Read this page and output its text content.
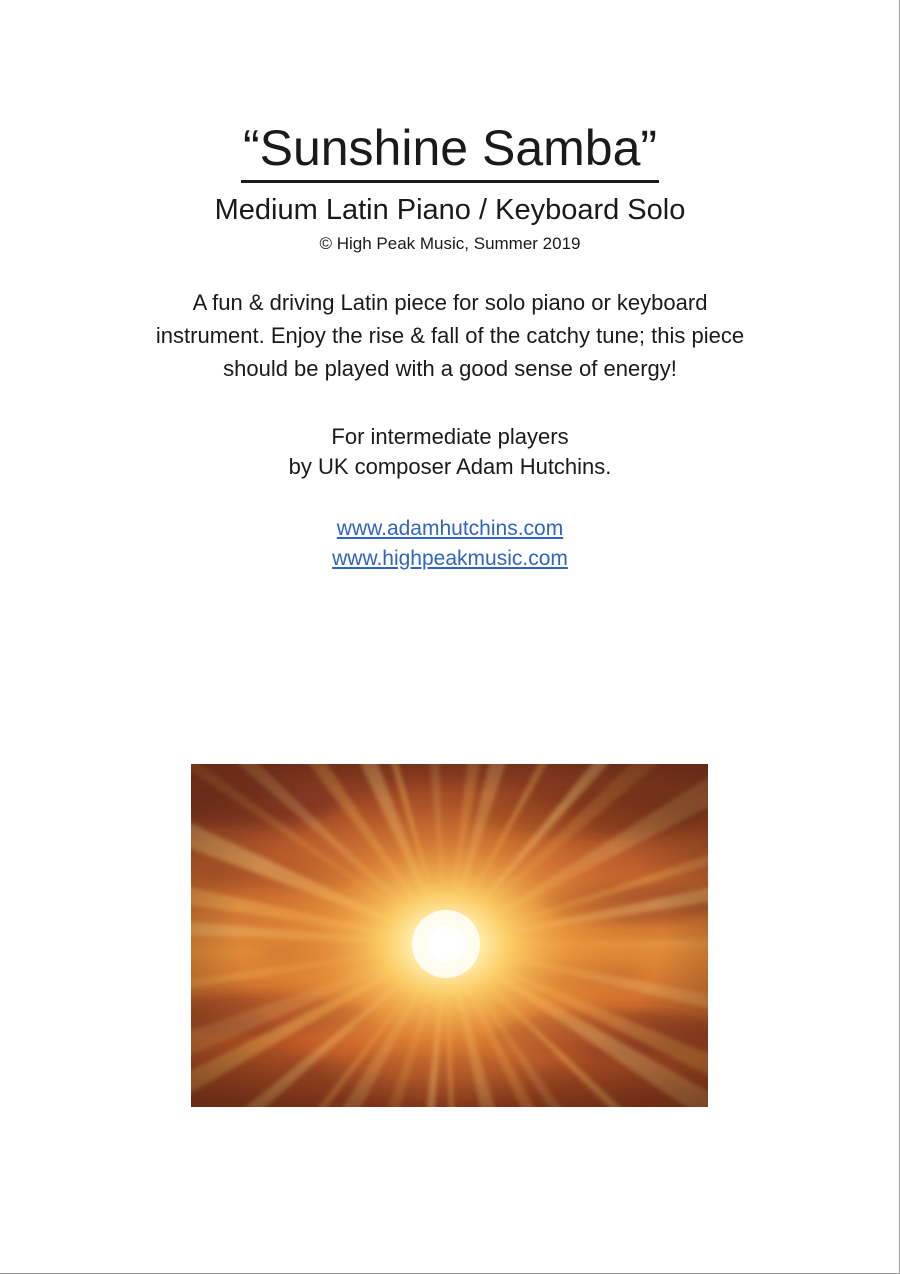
“Sunshine Samba”
Medium Latin Piano / Keyboard Solo
© High Peak Music, Summer 2019
A fun & driving Latin piece for solo piano or keyboard
instrument. Enjoy the rise & fall of the catchy tune; this piece
should be played with a good sense of energy!
For intermediate players
by UK composer Adam Hutchins.
www.adamhutchins.com
www.highpeakmusic.com
